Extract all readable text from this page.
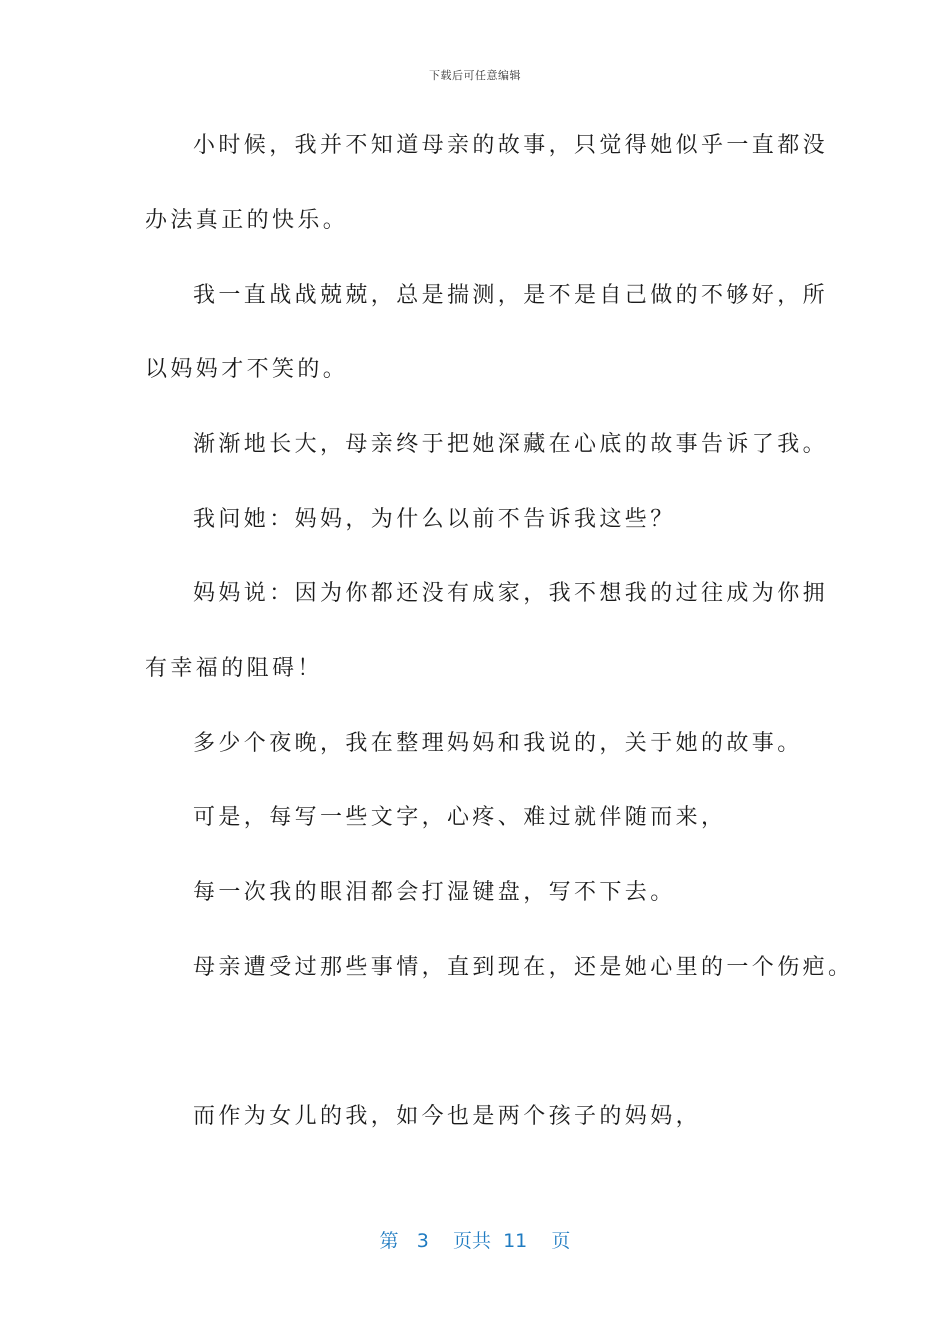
下载后可任意编辑
小时候，我并不知道母亲的故事，只觉得她似乎一直都没
办法真正的快乐。
我一直战战兢兢，总是揣测，是不是自己做的不够好，所
以妈妈才不笑的。
渐渐地长大，母亲终于把她深藏在心底的故事告诉了我。
我问她：妈妈，为什么以前不告诉我这些？
妈妈说：因为你都还没有成家，我不想我的过往成为你拥
有幸福的阻碍！
多少个夜晚，我在整理妈妈和我说的，关于她的故事。
可是，每写一些文字，心疼、难过就伴随而来，
每一次我的眼泪都会打湿键盘，写不下去。
母亲遭受过那些事情，直到现在，还是她心里的一个伤疤。
而作为女儿的我，如今也是两个孩子的妈妈，
第 3 页共 11 页
